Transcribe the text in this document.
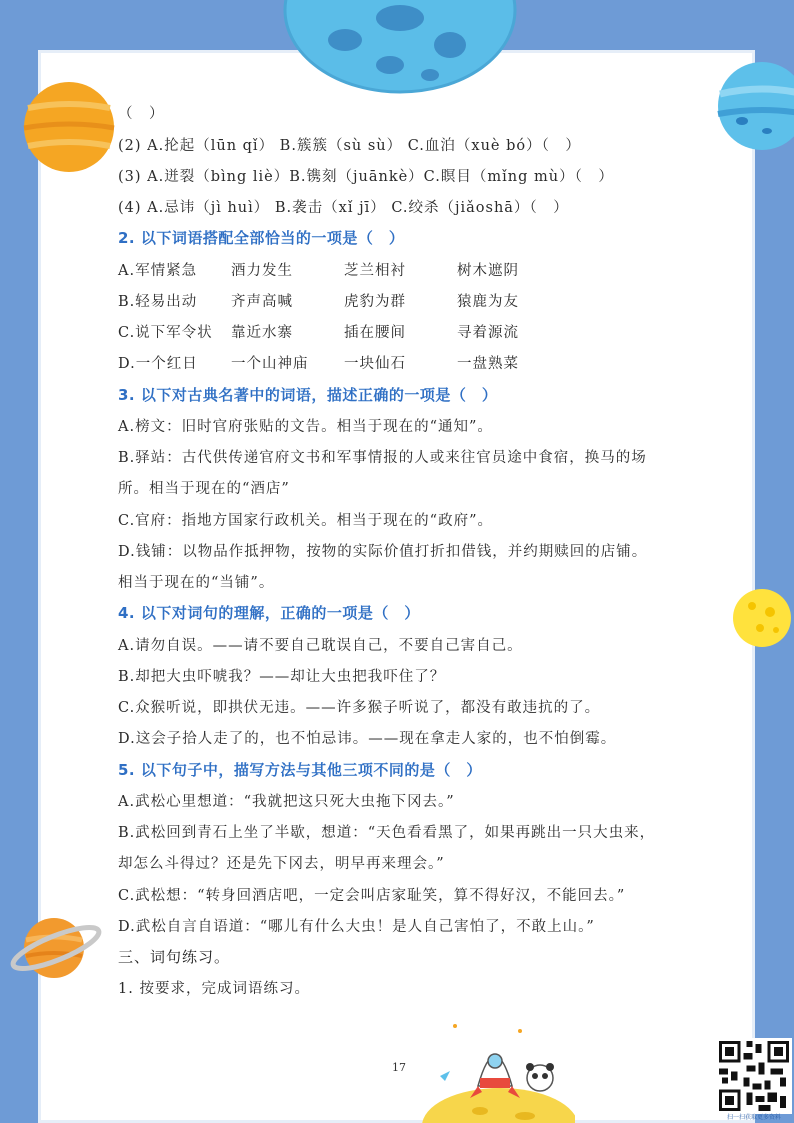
（　）
(2) A.抡起（lūn qǐ） B.簇簇（sù sù） C.血泊（xuè bó）（　）
(3) A.迸裂（bìng liè）B.镌刻（juānkè）C.瞑目（mǐng mù）（　）
(4) A.忌讳（jì huì） B.袭击（xǐ jī） C.绞杀（jiǎoshā）（　）
2. 以下词语搭配全部恰当的一项是（　）
A.军情紧急 酒力发生	芝兰相衬	树木遮阴
B.轻易出动 齐声高喊	虎豹为群	猿鹿为友
C.说下军令状 靠近水寨	插在腰间	寻着源流
D.一个红日 一个山神庙 一块仙石	一盘熟菜
3. 以下对古典名著中的词语，描述正确的一项是（　）
A.榜文：旧时官府张贴的文告。相当于现在的“通知”。
B.驿站：古代供传递官府文书和军事情报的人或来往官员途中食宿，换马的场
所。相当于现在的“酒店”
C.官府：指地方国家行政机关。相当于现在的“政府”。
D.钱铺：以物品作抵押物，按物的实际价值打折扣借钱，并约期赎回的店铺。
相当于现在的“当铺”。
4. 以下对词句的理解，正确的一项是（　）
A.请勿自误。——请不要自己耽误自己，不要自己害自己。
B.却把大虫吓唬我？——却让大虫把我吓住了？
C.众猴听说，即拱伏无违。——许多猴子听说了，都没有敢违抗的了。
D.这会子拾人走了的，也不怕忌讳。——现在拿走人家的，也不怕倒霉。
5. 以下句子中，描写方法与其他三项不同的是（　）
A.武松心里想道：“我就把这只死大虫拖下冈去。”
B.武松回到青石上坐了半歇，想道：“天色看看黑了，如果再跳出一只大虫来，
却怎么斗得过？还是先下冈去，明早再来理会。”
C.武松想：“转身回酒店吧，一定会叫店家耻笑，算不得好汉，不能回去。”
D.武松自言自语道：“哪儿有什么大虫！是人自己害怕了，不敢上山。”
三、词句练习。
1. 按要求，完成词语练习。
17
扫一扫获取更多资料
